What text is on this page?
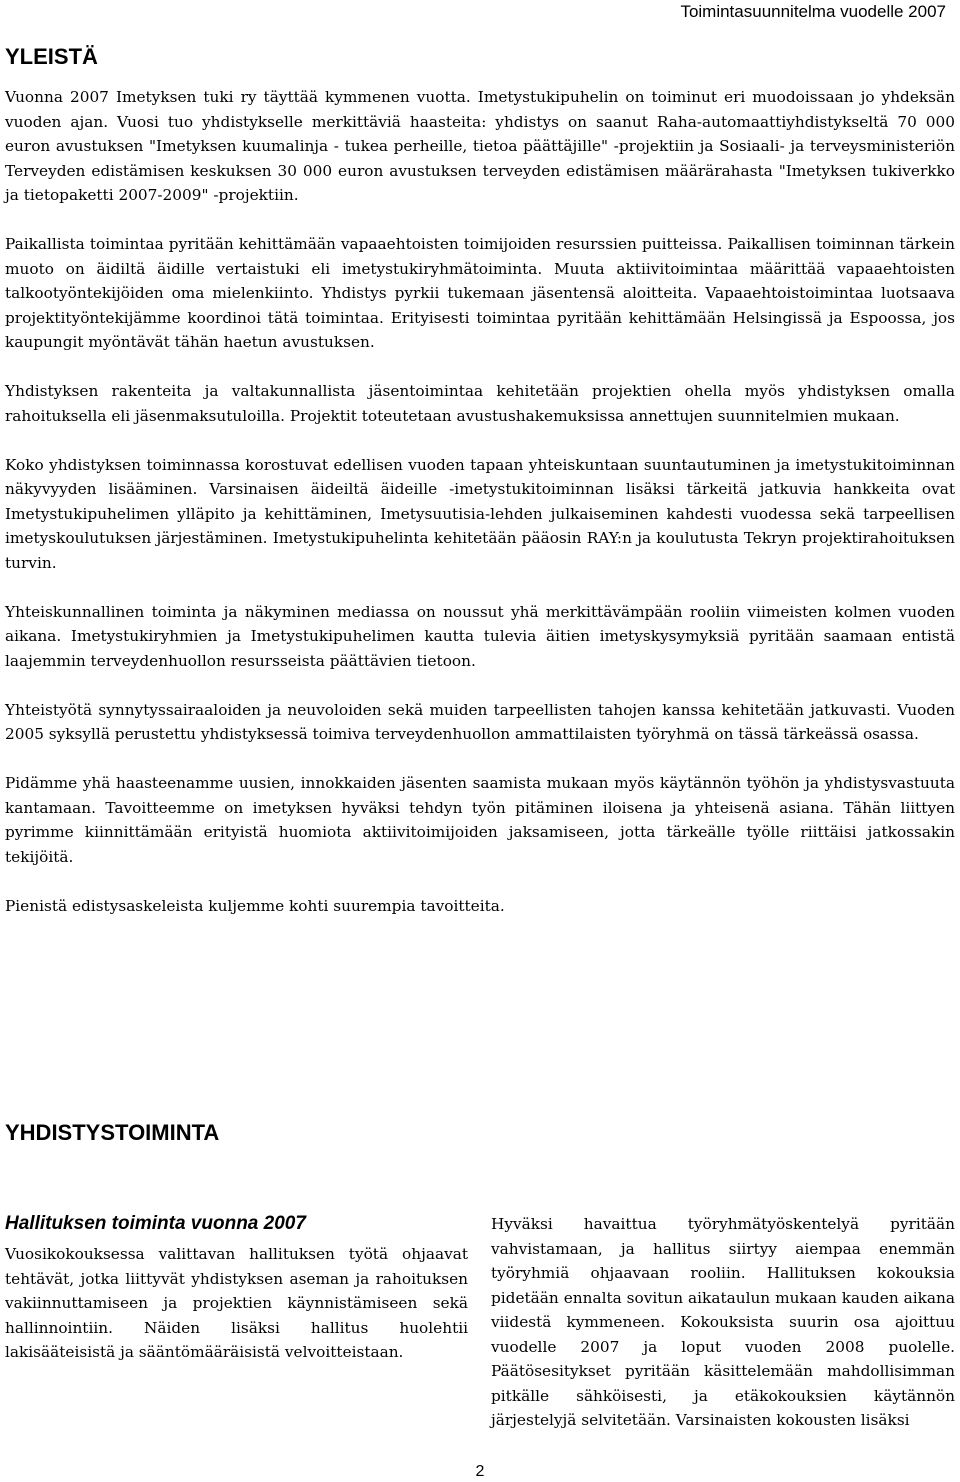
Toimintasuunnitelma vuodelle 2007
YLEISTÄ

Vuonna 2007 Imetyksen tuki ry täyttää kymmenen vuotta. Imetystukipuhelin on toiminut eri muodoissaan jo yhdeksän vuoden ajan. Vuosi tuo yhdistykselle merkittäviä haasteita: yhdistys on saanut Raha-automaattiyhdistykseltä 70 000 euron avustuksen "Imetyksen kuumalinja - tukea perheille, tietoa päättäjille" -projektiin ja Sosiaali- ja terveysministeriön Terveyden edistämisen keskuksen 30 000 euron avustuksen terveyden edistämisen määrärahasta "Imetyksen tukiverkko ja tietopaketti 2007-2009" -projektiin.

Paikallista toimintaa pyritään kehittämään vapaaehtoisten toimijoiden resurssien puitteissa. Paikallisen toiminnan tärkein muoto on äidiltä äidille vertaistuki eli imetystukiryhmätoiminta. Muuta aktiivitoimintaa määrittää vapaaehtoisten talkootyöntekijöiden oma mielenkiinto. Yhdistys pyrkii tukemaan jäsentensä aloitteita. Vapaaehtoistoimintaa luotsaava projektityöntekijämme koordinoi tätä toimintaa. Erityisesti toimintaa pyritään kehittämään Helsingissä ja Espoossa, jos kaupungit myöntävät tähän haetun avustuksen.

Yhdistyksen rakenteita ja valtakunnallista jäsentoimintaa kehitetään projektien ohella myös yhdistyksen omalla rahoituksella eli jäsenmaksutuloilla. Projektit toteutetaan avustushakemuksissa annettujen suunnitelmien mukaan.

Koko yhdistyksen toiminnassa korostuvat edellisen vuoden tapaan yhteiskuntaan suuntautuminen ja imetystukitoiminnan näkyvyyden lisääminen. Varsinaisen äideiltä äideille -imetystukitoiminnan lisäksi tärkeitä jatkuvia hankkeita ovat Imetystukipuhelimen ylläpito ja kehittäminen, Imetysuutisia-lehden julkaiseminen kahdesti vuodessa sekä tarpeellisen imetyskoulutuksen järjestäminen. Imetystukipuhelinta kehitetään pääosin RAY:n ja koulutusta Tekryn projektirahoituksen turvin.

Yhteiskunnallinen toiminta ja näkyminen mediassa on noussut yhä merkittävämpään rooliin viimeisten kolmen vuoden aikana. Imetystukiryhmien ja Imetystukipuhelimen kautta tulevia äitien imetyskysymyksiä pyritään saamaan entistä laajemmin terveydenhuollon resursseista päättävien tietoon.

Yhteistyötä synnytyssairaaloiden ja neuvoloiden sekä muiden tarpeellisten tahojen kanssa kehitetään jatkuvasti. Vuoden 2005 syksyllä perustettu yhdistyksessä toimiva terveydenhuollon ammattilaisten työryhmä on tässä tärkeässä osassa.

Pidämme yhä haasteenamme uusien, innokkaiden jäsenten saamista mukaan myös käytännön työhön ja yhdistysvastuuta kantamaan. Tavoitteemme on imetyksen hyväksi tehdyn työn pitäminen iloisena ja yhteisenä asiana. Tähän liittyen pyrimme kiinnittämään erityistä huomiota aktiivitoimijoiden jaksamiseen, jotta tärkeälle työlle riittäisi jatkossakin tekijöitä.

Pienistä edistysaskeleista kuljemme kohti suurempia tavoitteita.

YHDISTYSTOIMINTA
Hallituksen toiminta vuonna 2007

Vuosikokouksessa valittavan hallituksen työtä ohjaavat tehtävät, jotka liittyvät yhdistyksen aseman ja rahoituksen vakiinnuttamiseen ja projektien käynnistämiseen sekä hallinnointiin. Näiden lisäksi hallitus huolehtii lakisääteisistä ja sääntömääräisistä velvoitteistaan.

Hyväksi havaittua työryhmätyöskentelyä pyritään vahvistamaan, ja hallitus siirtyy aiempaa enemmän työryhmiä ohjaavaan rooliin. Hallituksen kokouksia pidetään ennalta sovitun aikataulun mukaan kauden aikana viidestä kymmeneen. Kokouksista suurin osa ajoittuu vuodelle 2007 ja loput vuoden 2008 puolelle. Päätösesitykset pyritään käsittelemään mahdollisimman pitkälle sähköisesti, ja etäkokouksien käytännön järjestelyjä selvitetään. Varsinaisten kokousten lisäksi

2
